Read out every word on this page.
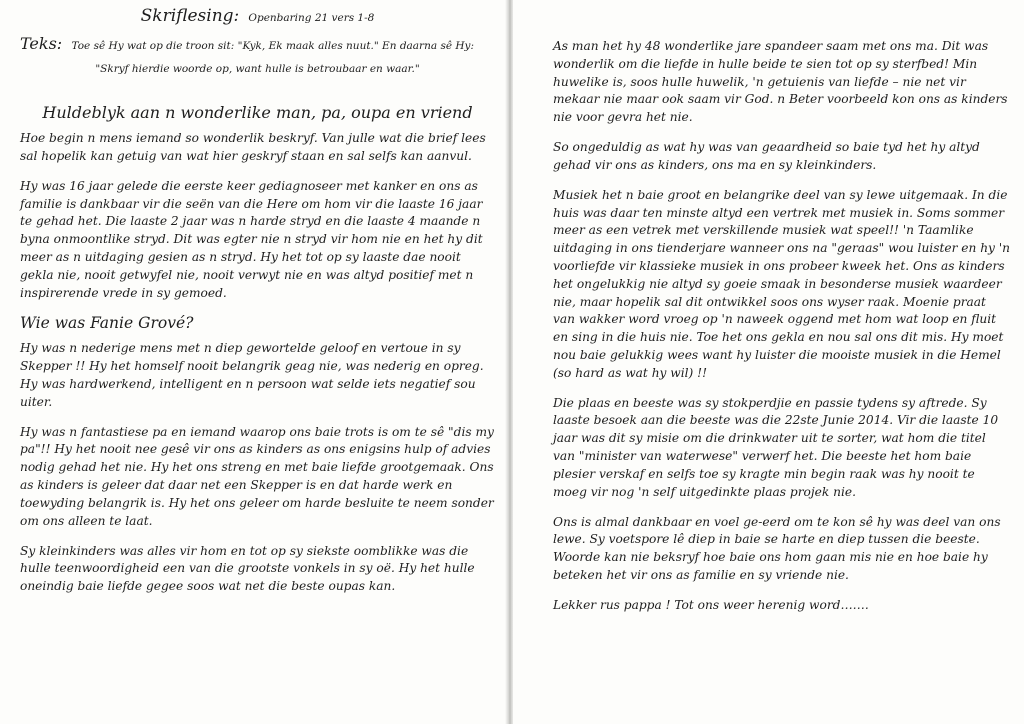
Skriflesing: Openbaring 21 vers 1-8
Teks: Toe sê Hy wat op die troon sit: "Kyk, Ek maak alles nuut." En daarna sê Hy:
"Skryf hierdie woorde op, want hulle is betroubaar en waar."
Huldeblyk aan n wonderlike man, pa, oupa en vriend

Hoe begin n mens iemand so wonderlik beskryf. Van julle wat die brief lees sal hopelik kan getuig van wat hier geskryf staan en sal selfs kan aanvul.

Hy was 16 jaar gelede die eerste keer gediagnoseer met kanker en ons as familie is dankbaar vir die seën van die Here om hom vir die laaste 16 jaar te gehad het. Die laaste 2 jaar was n harde stryd en die laaste 4 maande n byna onmoontlike stryd. Dit was egter nie n stryd vir hom nie en het hy dit meer as n uitdaging gesien as n stryd. Hy het tot op sy laaste dae nooit gekla nie, nooit getwyfel nie, nooit verwyt nie en was altyd positief met n inspirerende vrede in sy gemoed.

Wie was Fanie Grové?

Hy was n nederige mens met n diep gewortelde geloof en vertoue in sy Skepper !! Hy het homself nooit belangrik geag nie, was nederig en opreg. Hy was hardwerkend, intelligent en n persoon wat selde iets negatief sou uiter.

Hy was n fantastiese pa en iemand waarop ons baie trots is om te sê "dis my pa"!! Hy het nooit nee gesê vir ons as kinders as ons enigsins hulp of advies nodig gehad het nie. Hy het ons streng en met baie liefde grootgemaak. Ons as kinders is geleer dat daar net een Skepper is en dat harde werk en toewyding belangrik is. Hy het ons geleer om harde besluite te neem sonder om ons alleen te laat.

Sy kleinkinders was alles vir hom en tot op sy siekste oomblikke was die hulle teenwoordigheid een van die grootste vonkels in sy oë. Hy het hulle oneindig baie liefde gegee soos wat net die beste oupas kan.

As man het hy 48 wonderlike jare spandeer saam met ons ma. Dit was wonderlik om die liefde in hulle beide te sien tot op sy sterfbed! Min huwelike is, soos hulle huwelik, 'n getuienis van liefde – nie net vir mekaar nie maar ook saam vir God. n Beter voorbeeld kon ons as kinders nie voor gevra het nie.

So ongeduldig as wat hy was van geaardheid so baie tyd het hy altyd gehad vir ons as kinders, ons ma en sy kleinkinders.

Musiek het n baie groot en belangrike deel van sy lewe uitgemaak. In die huis was daar ten minste altyd een vertrek met musiek in. Soms sommer meer as een vetrek met verskillende musiek wat speel!! 'n Taamlike uitdaging in ons tienderjare wanneer ons na "geraas" wou luister en hy 'n voorliefde vir klassieke musiek in ons probeer kweek het. Ons as kinders het ongelukkig nie altyd sy goeie smaak in besonderse musiek waardeer nie, maar hopelik sal dit ontwikkel soos ons wyser raak. Moenie praat van wakker word vroeg op 'n naweek oggend met hom wat loop en fluit en sing in die huis nie. Toe het ons gekla en nou sal ons dit mis. Hy moet nou baie gelukkig wees want hy luister die mooiste musiek in die Hemel (so hard as wat hy wil) !!

Die plaas en beeste was sy stokperdjie en passie tydens sy aftrede. Sy laaste besoek aan die beeste was die 22ste Junie 2014. Vir die laaste 10 jaar was dit sy misie om die drinkwater uit te sorter, wat hom die titel van "minister van waterwese" verwerf het. Die beeste het hom baie plesier verskaf en selfs toe sy kragte min begin raak was hy nooit te moeg vir nog 'n self uitgedinkte plaas projek nie.

Ons is almal dankbaar en voel ge-eerd om te kon sê hy was deel van ons lewe. Sy voetspore lê diep in baie se harte en diep tussen die beeste. Woorde kan nie beksryf hoe baie ons hom gaan mis nie en hoe baie hy beteken het vir ons as familie en sy vriende nie.

Lekker rus pappa ! Tot ons weer herenig word…….
